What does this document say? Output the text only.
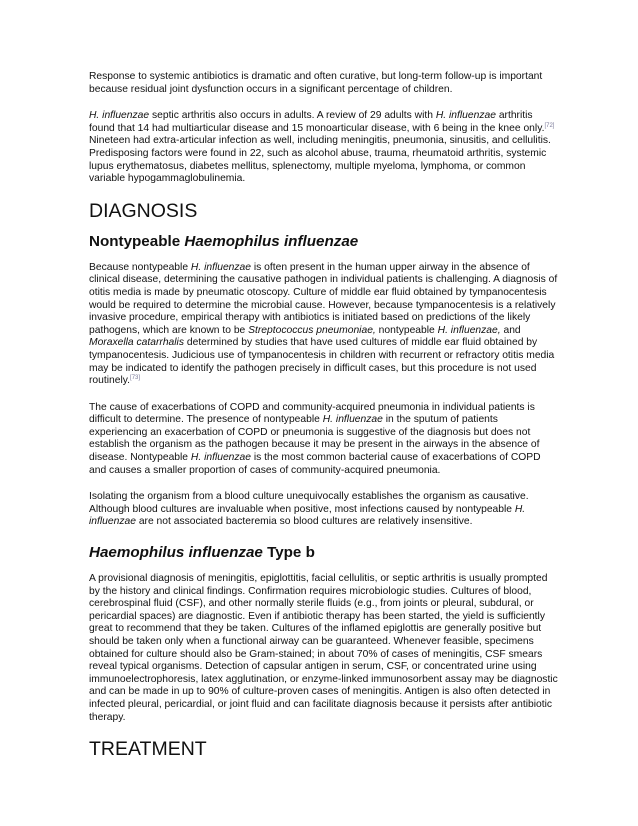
Response to systemic antibiotics is dramatic and often curative, but long-term follow-up is important because residual joint dysfunction occurs in a significant percentage of children.

H. influenzae septic arthritis also occurs in adults. A review of 29 adults with H. influenzae arthritis found that 14 had multiarticular disease and 15 monoarticular disease, with 6 being in the knee only.[72] Nineteen had extra-articular infection as well, including meningitis, pneumonia, sinusitis, and cellulitis. Predisposing factors were found in 22, such as alcohol abuse, trauma, rheumatoid arthritis, systemic lupus erythematosus, diabetes mellitus, splenectomy, multiple myeloma, lymphoma, or common variable hypogammaglobulinemia.

DIAGNOSIS
Nontypeable Haemophilus influenzae

Because nontypeable H. influenzae is often present in the human upper airway in the absence of clinical disease, determining the causative pathogen in individual patients is challenging. A diagnosis of otitis media is made by pneumatic otoscopy. Culture of middle ear fluid obtained by tympanocentesis would be required to determine the microbial cause. However, because tympanocentesis is a relatively invasive procedure, empirical therapy with antibiotics is initiated based on predictions of the likely pathogens, which are known to be Streptococcus pneumoniae, nontypeable H. influenzae, and Moraxella catarrhalis determined by studies that have used cultures of middle ear fluid obtained by tympanocentesis. Judicious use of tympanocentesis in children with recurrent or refractory otitis media may be indicated to identify the pathogen precisely in difficult cases, but this procedure is not used routinely.[73]

The cause of exacerbations of COPD and community-acquired pneumonia in individual patients is difficult to determine. The presence of nontypeable H. influenzae in the sputum of patients experiencing an exacerbation of COPD or pneumonia is suggestive of the diagnosis but does not establish the organism as the pathogen because it may be present in the airways in the absence of disease. Nontypeable H. influenzae is the most common bacterial cause of exacerbations of COPD and causes a smaller proportion of cases of community-acquired pneumonia.

Isolating the organism from a blood culture unequivocally establishes the organism as causative. Although blood cultures are invaluable when positive, most infections caused by nontypeable H. influenzae are not associated bacteremia so blood cultures are relatively insensitive.

Haemophilus influenzae Type b

A provisional diagnosis of meningitis, epiglottitis, facial cellulitis, or septic arthritis is usually prompted by the history and clinical findings. Confirmation requires microbiologic studies. Cultures of blood, cerebrospinal fluid (CSF), and other normally sterile fluids (e.g., from joints or pleural, subdural, or pericardial spaces) are diagnostic. Even if antibiotic therapy has been started, the yield is sufficiently great to recommend that they be taken. Cultures of the inflamed epiglottis are generally positive but should be taken only when a functional airway can be guaranteed. Whenever feasible, specimens obtained for culture should also be Gram-stained; in about 70% of cases of meningitis, CSF smears reveal typical organisms. Detection of capsular antigen in serum, CSF, or concentrated urine using immunoelectrophoresis, latex agglutination, or enzyme-linked immunosorbent assay may be diagnostic and can be made in up to 90% of culture-proven cases of meningitis. Antigen is also often detected in infected pleural, pericardial, or joint fluid and can facilitate diagnosis because it persists after antibiotic therapy.

TREATMENT
